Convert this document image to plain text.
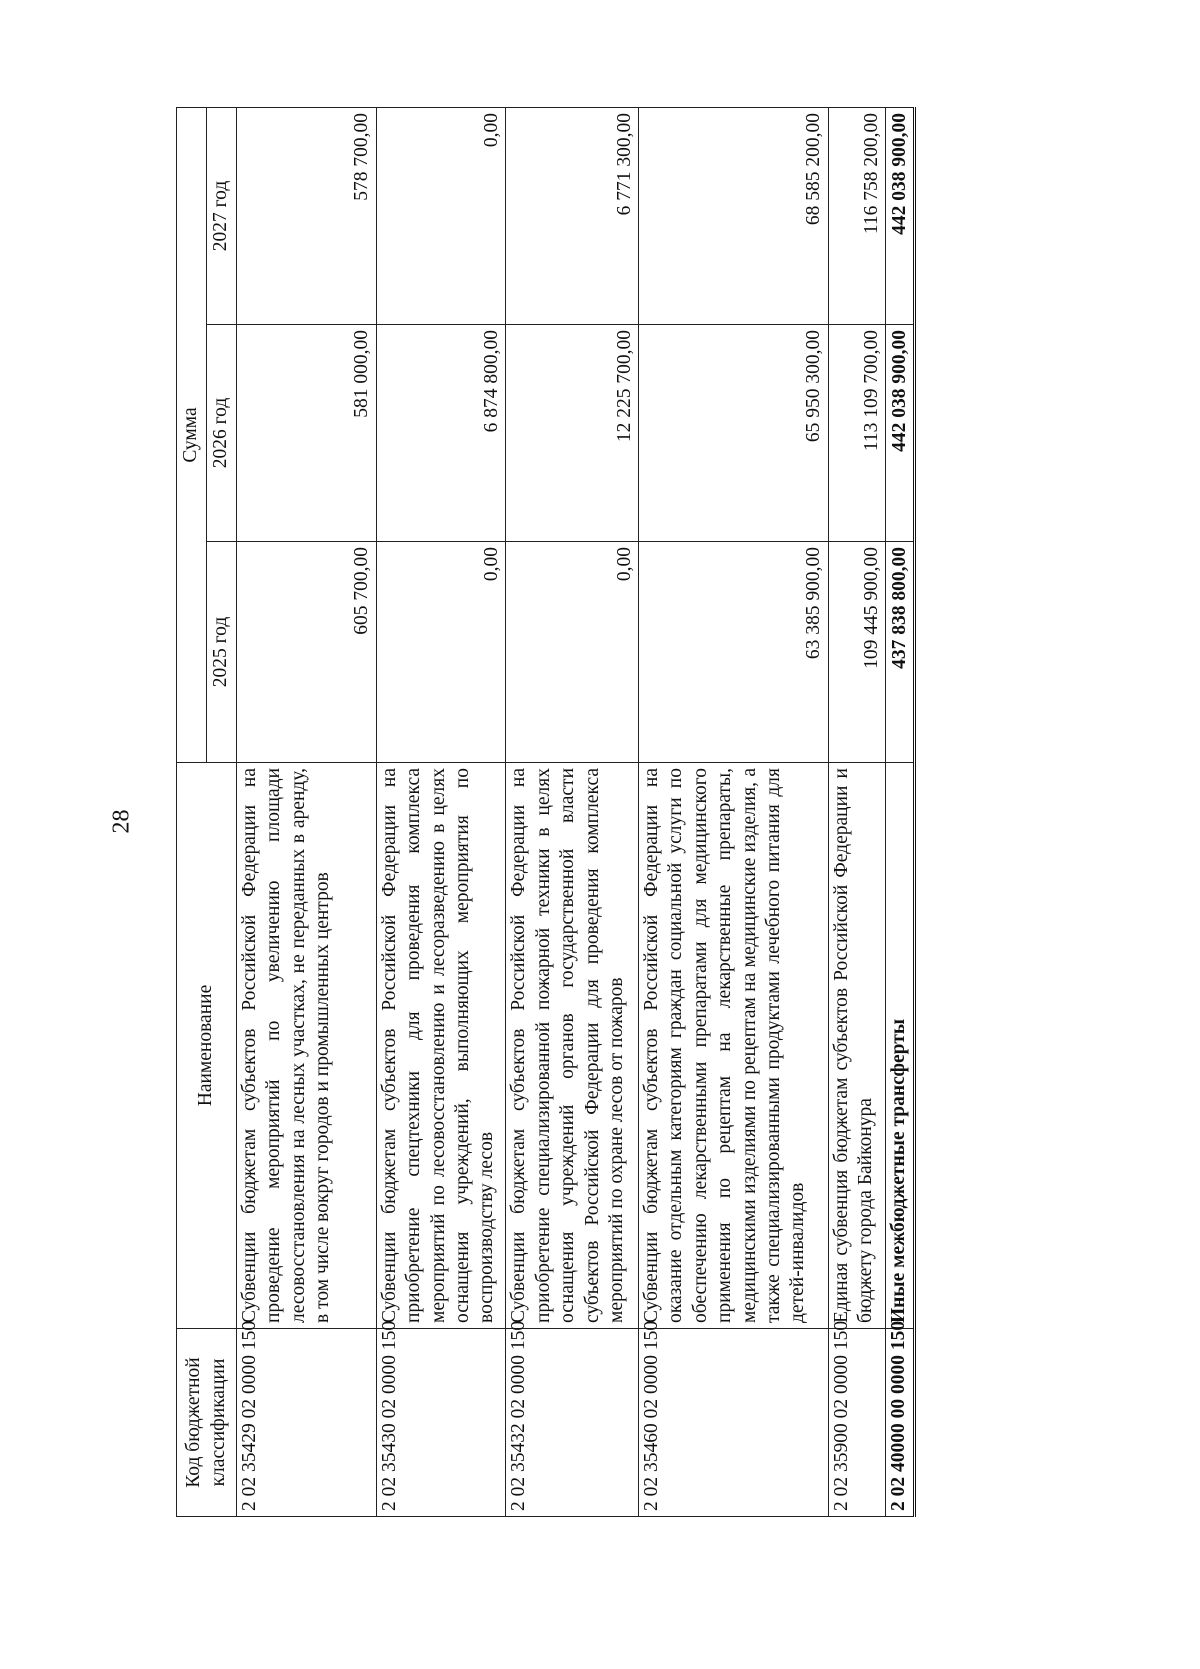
28
Код бюджетной классификации	Наименование	Сумма		
		2025 год	2026 год	2027 год
2 02 35429 02 0000 150	Субвенции бюджетам субъектов Российской Федерации на проведение мероприятий по увеличению площади лесовосстановления на лесных участках, не переданных в аренду, в том числе вокруг городов и промышленных центров	605 700,00	581 000,00	578 700,00
2 02 35430 02 0000 150	Субвенции бюджетам субъектов Российской Федерации на приобретение спецтехники для проведения комплекса мероприятий по лесовосстановлению и лесоразведению в целях оснащения учреждений, выполняющих мероприятия по воспроизводству лесов	0,00	6 874 800,00	0,00
2 02 35432 02 0000 150	Субвенции бюджетам субъектов Российской Федерации на приобретение специализированной пожарной техники в целях оснащения учреждений органов государственной власти субъектов Российской Федерации для проведения комплекса мероприятий по охране лесов от пожаров	0,00	12 225 700,00	6 771 300,00
2 02 35460 02 0000 150	Субвенции бюджетам субъектов Российской Федерации на оказание отдельным категориям граждан социальной услуги по обеспечению лекарственными препаратами для медицинского применения по рецептам на лекарственные препараты, медицинскими изделиями по рецептам на медицинские изделия, а также специализированными продуктами лечебного питания для детей-инвалидов	63 385 900,00	65 950 300,00	68 585 200,00
2 02 35900 02 0000 150	Единая субвенция бюджетам субъектов Российской Федерации и бюджету города Байконура	109 445 900,00	113 109 700,00	116 758 200,00
2 02 40000 00 0000 150	Иные межбюджетные трансферты	437 838 800,00	442 038 900,00	442 038 900,00
